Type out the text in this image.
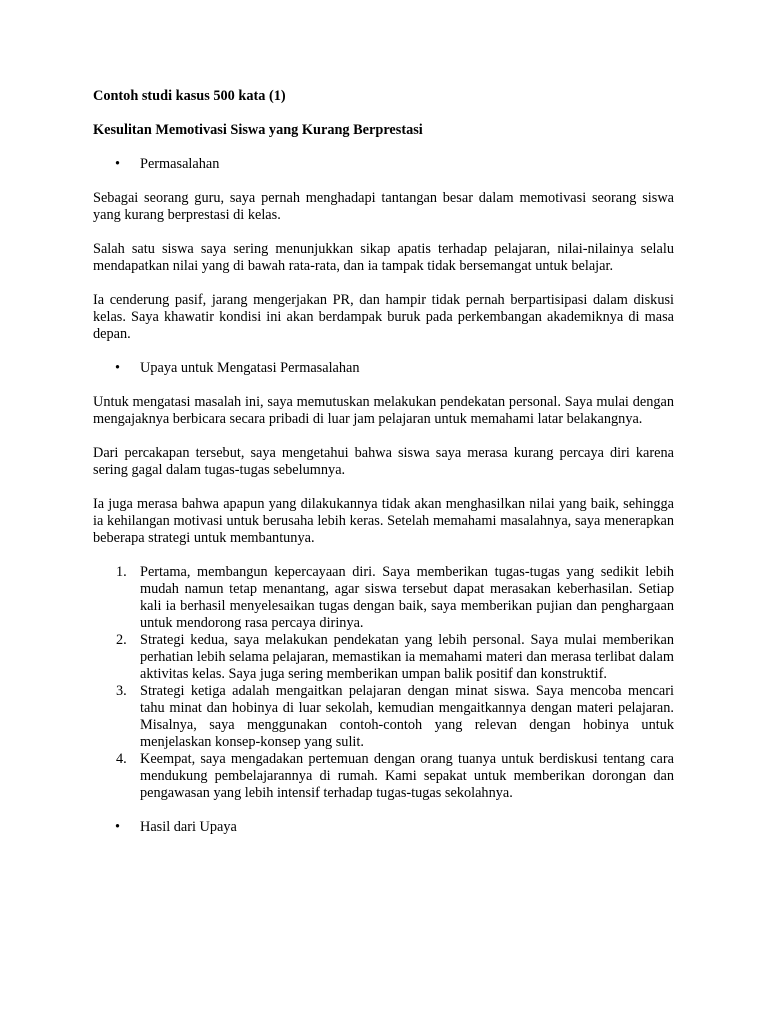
Contoh studi kasus 500 kata (1)
Kesulitan Memotivasi Siswa yang Kurang Berprestasi
• Permasalahan
Sebagai seorang guru, saya pernah menghadapi tantangan besar dalam memotivasi seorang siswa yang kurang berprestasi di kelas.
Salah satu siswa saya sering menunjukkan sikap apatis terhadap pelajaran, nilai-nilainya selalu mendapatkan nilai yang di bawah rata-rata, dan ia tampak tidak bersemangat untuk belajar.
Ia cenderung pasif, jarang mengerjakan PR, dan hampir tidak pernah berpartisipasi dalam diskusi kelas. Saya khawatir kondisi ini akan berdampak buruk pada perkembangan akademiknya di masa depan.
• Upaya untuk Mengatasi Permasalahan
Untuk mengatasi masalah ini, saya memutuskan melakukan pendekatan personal. Saya mulai dengan mengajaknya berbicara secara pribadi di luar jam pelajaran untuk memahami latar belakangnya.
Dari percakapan tersebut, saya mengetahui bahwa siswa saya merasa kurang percaya diri karena sering gagal dalam tugas-tugas sebelumnya.
Ia juga merasa bahwa apapun yang dilakukannya tidak akan menghasilkan nilai yang baik, sehingga ia kehilangan motivasi untuk berusaha lebih keras. Setelah memahami masalahnya, saya menerapkan beberapa strategi untuk membantunya.
1. Pertama, membangun kepercayaan diri. Saya memberikan tugas-tugas yang sedikit lebih mudah namun tetap menantang, agar siswa tersebut dapat merasakan keberhasilan. Setiap kali ia berhasil menyelesaikan tugas dengan baik, saya memberikan pujian dan penghargaan untuk mendorong rasa percaya dirinya.
2. Strategi kedua, saya melakukan pendekatan yang lebih personal. Saya mulai memberikan perhatian lebih selama pelajaran, memastikan ia memahami materi dan merasa terlibat dalam aktivitas kelas. Saya juga sering memberikan umpan balik positif dan konstruktif.
3. Strategi ketiga adalah mengaitkan pelajaran dengan minat siswa. Saya mencoba mencari tahu minat dan hobinya di luar sekolah, kemudian mengaitkannya dengan materi pelajaran. Misalnya, saya menggunakan contoh-contoh yang relevan dengan hobinya untuk menjelaskan konsep-konsep yang sulit.
4. Keempat, saya mengadakan pertemuan dengan orang tuanya untuk berdiskusi tentang cara mendukung pembelajarannya di rumah. Kami sepakat untuk memberikan dorongan dan pengawasan yang lebih intensif terhadap tugas-tugas sekolahnya.
• Hasil dari Upaya
